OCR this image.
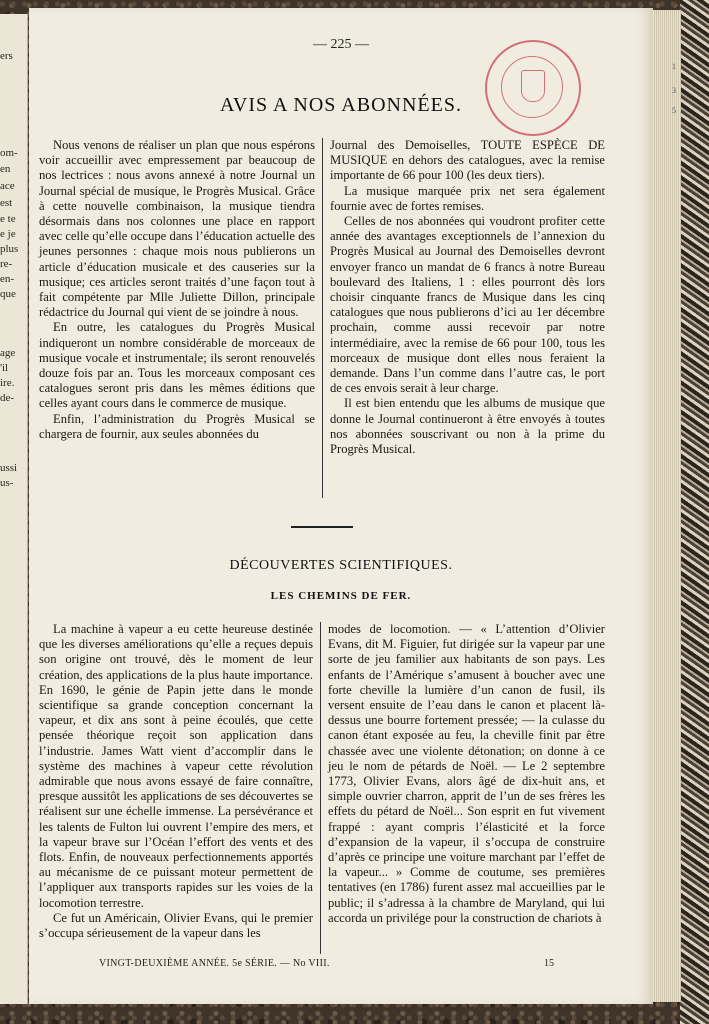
ers
om-
en
ace
est
e te
e je
plus
re-
en-
que
age
'il
ire.
de-
ussi
us-
— 225 —
AVIS A NOS ABONNÉES.

Nous venons de réaliser un plan que nous espérons voir accueillir avec empressement par beaucoup de nos lectrices : nous avons annexé à notre Journal un Journal spécial de musique, le Progrès Musical. Grâce à cette nouvelle combinaison, la musique tiendra désormais dans nos colonnes une place en rapport avec celle qu’elle occupe dans l’éducation actuelle des jeunes personnes : chaque mois nous publierons un article d’éducation musicale et des causeries sur la musique; ces articles seront traités d’une façon tout à fait compétente par Mlle Juliette Dillon, principale rédactrice du Journal qui vient de se joindre à nous.

En outre, les catalogues du Progrès Musical indiqueront un nombre considérable de morceaux de musique vocale et instrumentale; ils seront renouvelés douze fois par an. Tous les morceaux composant ces catalogues seront pris dans les mêmes éditions que celles ayant cours dans le commerce de musique.

Enfin, l’administration du Progrès Musical se chargera de fournir, aux seules abonnées du

Journal des Demoiselles, TOUTE ESPÈCE DE MUSIQUE en dehors des catalogues, avec la remise importante de 66 pour 100 (les deux tiers).

La musique marquée prix net sera également fournie avec de fortes remises.

Celles de nos abonnées qui voudront profiter cette année des avantages exceptionnels de l’annexion du Progrès Musical au Journal des Demoiselles devront envoyer franco un mandat de 6 francs à notre Bureau boulevard des Italiens, 1 : elles pourront dès lors choisir cinquante francs de Musique dans les cinq catalogues que nous publierons d’ici au 1er décembre prochain, comme aussi recevoir par notre intermédiaire, avec la remise de 66 pour 100, tous les morceaux de musique dont elles nous feraient la demande. Dans l’un comme dans l’autre cas, le port de ces envois serait à leur charge.

Il est bien entendu que les albums de musique que donne le Journal continueront à être envoyés à toutes nos abonnées souscrivant ou non à la prime du Progrès Musical.

DÉCOUVERTES SCIENTIFIQUES.
LES CHEMINS DE FER.

La machine à vapeur a eu cette heureuse destinée que les diverses améliorations qu’elle a reçues depuis son origine ont trouvé, dès le moment de leur création, des applications de la plus haute importance. En 1690, le génie de Papin jette dans le monde scientifique sa grande conception concernant la vapeur, et dix ans sont à peine écoulés, que cette pensée théorique reçoit son application dans l’industrie. James Watt vient d’accomplir dans le système des machines à vapeur cette révolution admirable que nous avons essayé de faire connaître, presque aussitôt les applications de ses découvertes se réalisent sur une échelle immense. La persévérance et les talents de Fulton lui ouvrent l’empire des mers, et la vapeur brave sur l’Océan l’effort des vents et des flots. Enfin, de nouveaux perfectionnements apportés au mécanisme de ce puissant moteur permettent de l’appliquer aux transports rapides sur les voies de la locomotion terrestre.

Ce fut un Américain, Olivier Evans, qui le premier s’occupa sérieusement de la vapeur dans les

modes de locomotion. — « L’attention d’Olivier Evans, dit M. Figuier, fut dirigée sur la vapeur par une sorte de jeu familier aux habitants de son pays. Les enfants de l’Amérique s’amusent à boucher avec une forte cheville la lumière d’un canon de fusil, ils versent ensuite de l’eau dans le canon et placent là-dessus une bourre fortement pressée; — la culasse du canon étant exposée au feu, la cheville finit par être chassée avec une violente détonation; on donne à ce jeu le nom de pétards de Noël. — Le 2 septembre 1773, Olivier Evans, alors âgé de dix-huit ans, et simple ouvrier charron, apprit de l’un de ses frères les effets du pétard de Noël... Son esprit en fut vivement frappé : ayant compris l’élasticité et la force d’expansion de la vapeur, il s’occupa de construire d’après ce principe une voiture marchant par l’effet de la vapeur... » Comme de coutume, ses premières tentatives (en 1786) furent assez mal accueillies par le public; il s’adressa à la chambre de Maryland, qui lui accorda un privilége pour la construction de chariots à

VINGT-DEUXIÈME ANNÉE. 5e SÉRIE. — No VIII.	15
1
3
5
